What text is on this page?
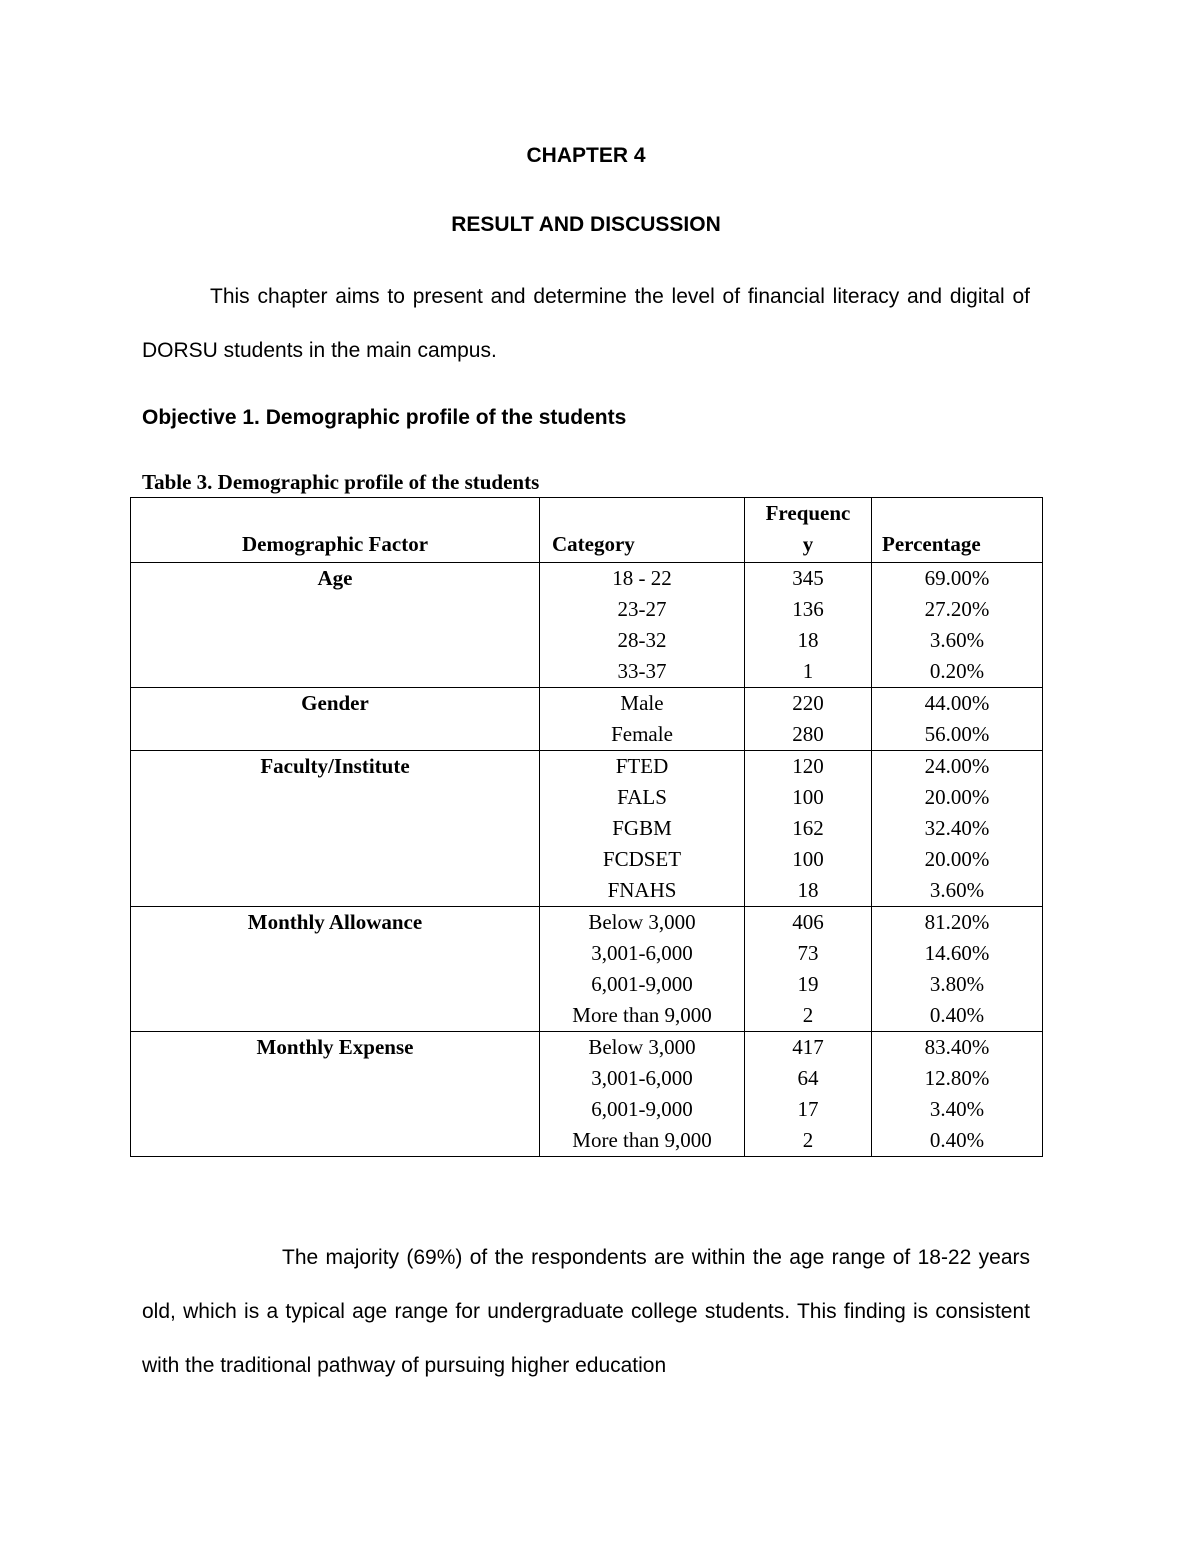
CHAPTER 4
RESULT AND DISCUSSION

This chapter aims to present and determine the level of financial literacy and digital of DORSU students in the main campus.

Objective 1. Demographic profile of the students
Table 3. Demographic profile of the students
Demographic Factor	Category	Frequency	Percentage
Age	18 - 22	345	69.00%
	23-27	136	27.20%
	28-32	18	3.60%
	33-37	1	0.20%
Gender	Male	220	44.00%
	Female	280	56.00%
Faculty/Institute	FTED	120	24.00%
	FALS	100	20.00%
	FGBM	162	32.40%
	FCDSET	100	20.00%
	FNAHS	18	3.60%
Monthly Allowance	Below 3,000	406	81.20%
	3,001-6,000	73	14.60%
	6,001-9,000	19	3.80%
	More than 9,000	2	0.40%
Monthly Expense	Below 3,000	417	83.40%
	3,001-6,000	64	12.80%
	6,001-9,000	17	3.40%
	More than 9,000	2	0.40%

The majority (69%) of the respondents are within the age range of 18-22 years old, which is a typical age range for undergraduate college students. This finding is consistent with the traditional pathway of pursuing higher education
